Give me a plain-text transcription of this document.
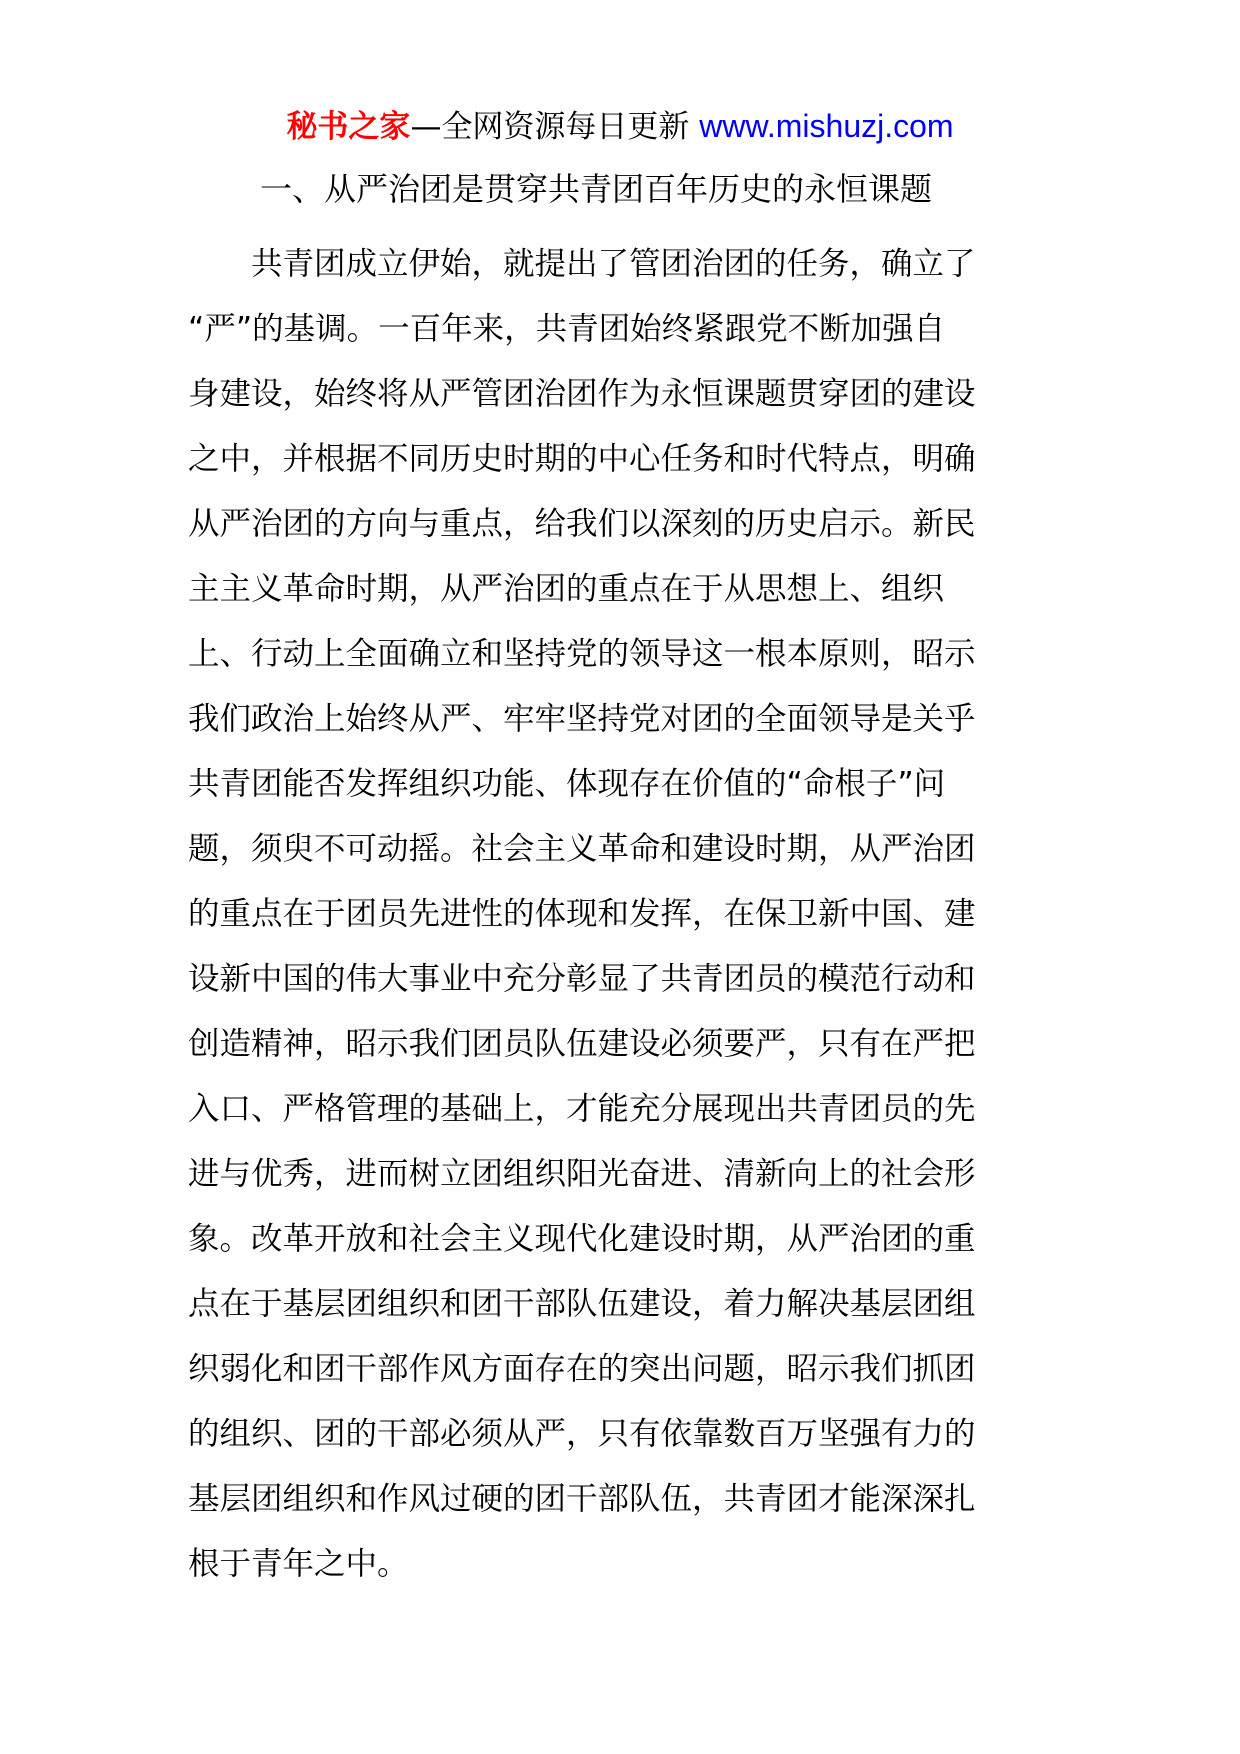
秘书之家—全网资源每日更新 www.mishuzj.com
一、从严治团是贯穿共青团百年历史的永恒课题
　　共青团成立伊始，就提出了管团治团的任务，确立了
“严”的基调。一百年来，共青团始终紧跟党不断加强自
身建设，始终将从严管团治团作为永恒课题贯穿团的建设
之中，并根据不同历史时期的中心任务和时代特点，明确
从严治团的方向与重点，给我们以深刻的历史启示。新民
主主义革命时期，从严治团的重点在于从思想上、组织
上、行动上全面确立和坚持党的领导这一根本原则，昭示
我们政治上始终从严、牢牢坚持党对团的全面领导是关乎
共青团能否发挥组织功能、体现存在价值的“命根子”问
题，须臾不可动摇。社会主义革命和建设时期，从严治团
的重点在于团员先进性的体现和发挥，在保卫新中国、建
设新中国的伟大事业中充分彰显了共青团员的模范行动和
创造精神，昭示我们团员队伍建设必须要严，只有在严把
入口、严格管理的基础上，才能充分展现出共青团员的先
进与优秀，进而树立团组织阳光奋进、清新向上的社会形
象。改革开放和社会主义现代化建设时期，从严治团的重
点在于基层团组织和团干部队伍建设，着力解决基层团组
织弱化和团干部作风方面存在的突出问题，昭示我们抓团
的组织、团的干部必须从严，只有依靠数百万坚强有力的
基层团组织和作风过硬的团干部队伍，共青团才能深深扎
根于青年之中。
